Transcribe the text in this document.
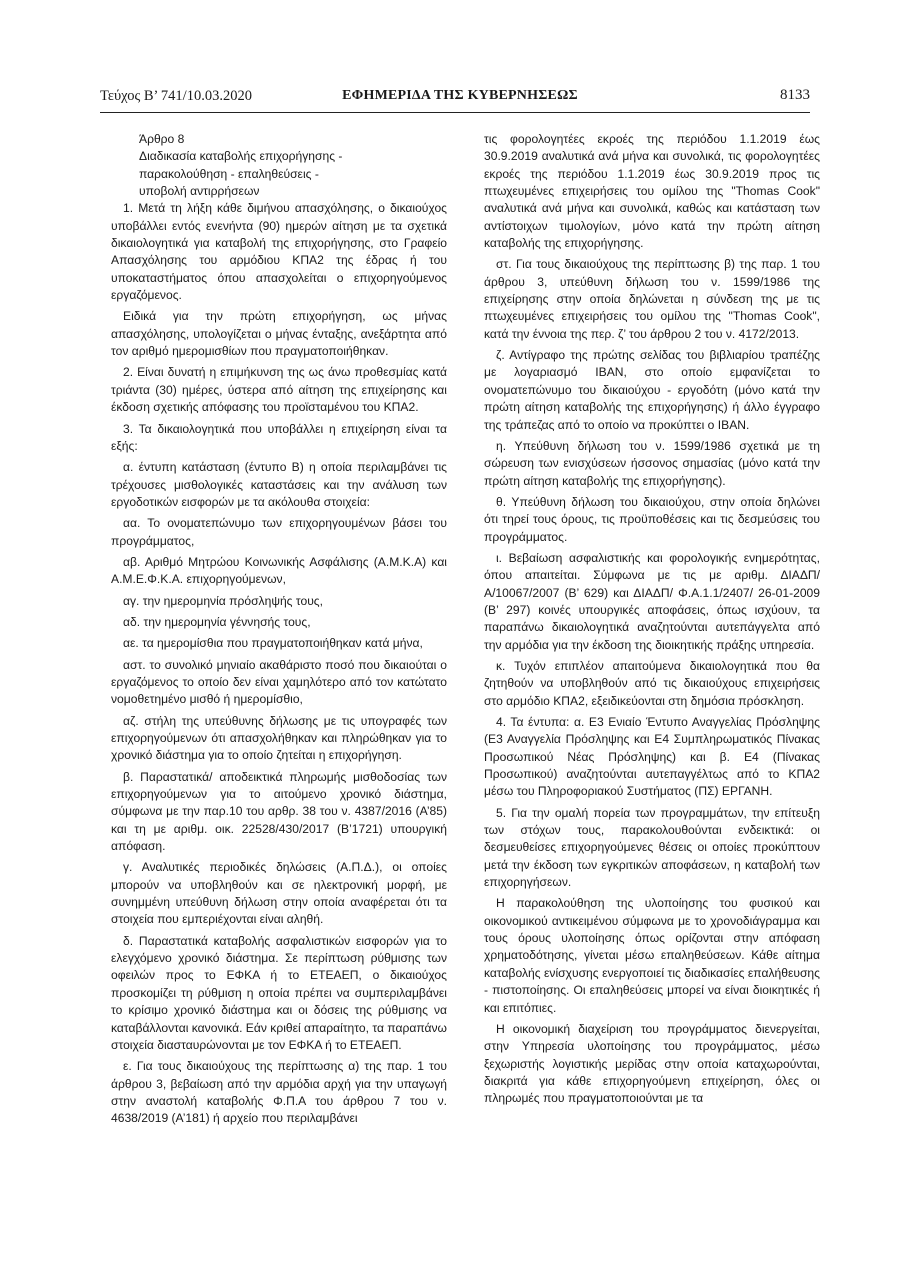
Τεύχος Β’ 741/10.03.2020	ΕΦΗΜΕΡΙΔΑ ΤΗΣ ΚΥΒΕΡΝΗΣΕΩΣ	8133
Άρθρο 8
Διαδικασία καταβολής επιχορήγησης -
παρακολούθηση - επαληθεύσεις -
υποβολή αντιρρήσεων

1. Μετά τη λήξη κάθε διμήνου απασχόλησης, ο δικαιούχος υποβάλλει εντός ενενήντα (90) ημερών αίτηση με τα σχετικά δικαιολογητικά για καταβολή της επιχορήγησης, στο Γραφείο Απασχόλησης του αρμόδιου ΚΠΑ2 της έδρας ή του υποκαταστήματος όπου απασχολείται ο επιχορηγούμενος εργαζόμενος.

Ειδικά για την πρώτη επιχορήγηση, ως μήνας απασχόλησης, υπολογίζεται ο μήνας ένταξης, ανεξάρτητα από τον αριθμό ημερομισθίων που πραγματοποιήθηκαν.

2. Είναι δυνατή η επιμήκυνση της ως άνω προθεσμίας κατά τριάντα (30) ημέρες, ύστερα από αίτηση της επιχείρησης και έκδοση σχετικής απόφασης του προϊσταμένου του ΚΠΑ2.

3. Τα δικαιολογητικά που υποβάλλει η επιχείρηση είναι τα εξής:

α. έντυπη κατάσταση (έντυπο Β) η οποία περιλαμβάνει τις τρέχουσες μισθολογικές καταστάσεις και την ανάλυση των εργοδοτικών εισφορών με τα ακόλουθα στοιχεία:

αα. Το ονοματεπώνυμο των επιχορηγουμένων βάσει του προγράμματος,

αβ. Αριθμό Μητρώου Κοινωνικής Ασφάλισης (Α.Μ.Κ.Α) και Α.Μ.Ε.Φ.Κ.Α. επιχορηγούμενων,

αγ. την ημερομηνία πρόσληψής τους,

αδ. την ημερομηνία γέννησής τους,

αε. τα ημερομίσθια που πραγματοποιήθηκαν κατά μήνα,

αστ. το συνολικό μηνιαίο ακαθάριστο ποσό που δικαιούται ο εργαζόμενος το οποίο δεν είναι χαμηλότερο από τον κατώτατο νομοθετημένο μισθό ή ημερομίσθιο,

αζ. στήλη της υπεύθυνης δήλωσης με τις υπογραφές των επιχορηγούμενων ότι απασχολήθηκαν και πληρώθηκαν για το χρονικό διάστημα για το οποίο ζητείται η επιχορήγηση.

β. Παραστατικά/ αποδεικτικά πληρωμής μισθοδοσίας των επιχορηγούμενων για το αιτούμενο χρονικό διάστημα, σύμφωνα με την παρ.10 του αρθρ. 38 του ν. 4387/2016 (Α’85) και τη με αριθμ. οικ. 22528/430/2017 (Β’1721) υπουργική απόφαση.

γ. Αναλυτικές περιοδικές δηλώσεις (Α.Π.Δ.), οι οποίες μπορούν να υποβληθούν και σε ηλεκτρονική μορφή, με συνημμένη υπεύθυνη δήλωση στην οποία αναφέρεται ότι τα στοιχεία που εμπεριέχονται είναι αληθή.

δ. Παραστατικά καταβολής ασφαλιστικών εισφορών για το ελεγχόμενο χρονικό διάστημα. Σε περίπτωση ρύθμισης των οφειλών προς το ΕΦΚΑ ή το ΕΤΕΑΕΠ, ο δικαιούχος προσκομίζει τη ρύθμιση η οποία πρέπει να συμπεριλαμβάνει το κρίσιμο χρονικό διάστημα και οι δόσεις της ρύθμισης να καταβάλλονται κανονικά. Εάν κριθεί απαραίτητο, τα παραπάνω στοιχεία διασταυρώνονται με τον ΕΦΚΑ ή το ΕΤΕΑΕΠ.

ε. Για τους δικαιούχους της περίπτωσης α) της παρ. 1 του άρθρου 3, βεβαίωση από την αρμόδια αρχή για την υπαγωγή στην αναστολή καταβολής Φ.Π.Α του άρθρου 7 του ν. 4638/2019 (Α’181) ή αρχείο που περιλαμβάνει

τις φορολογητέες εκροές της περιόδου 1.1.2019 έως 30.9.2019 αναλυτικά ανά μήνα και συνολικά, τις φορολογητέες εκροές της περιόδου 1.1.2019 έως 30.9.2019 προς τις πτωχευμένες επιχειρήσεις του ομίλου της "Thomas Cook" αναλυτικά ανά μήνα και συνολικά, καθώς και κατάσταση των αντίστοιχων τιμολογίων, μόνο κατά την πρώτη αίτηση καταβολής της επιχορήγησης.

στ. Για τους δικαιούχους της περίπτωσης β) της παρ. 1 του άρθρου 3, υπεύθυνη δήλωση του ν. 1599/1986 της επιχείρησης στην οποία δηλώνεται η σύνδεση της με τις πτωχευμένες επιχειρήσεις του ομίλου της "Thomas Cook", κατά την έννοια της περ. ζ’ του άρθρου 2 του ν. 4172/2013.

ζ. Αντίγραφο της πρώτης σελίδας του βιβλιαρίου τραπέζης με λογαριασμό IBAN, στο οποίο εμφανίζεται το ονοματεπώνυμο του δικαιούχου - εργοδότη (μόνο κατά την πρώτη αίτηση καταβολής της επιχορήγησης) ή άλλο έγγραφο της τράπεζας από το οποίο να προκύπτει ο IBAN.

η. Υπεύθυνη δήλωση του ν. 1599/1986 σχετικά με τη σώρευση των ενισχύσεων ήσσονος σημασίας (μόνο κατά την πρώτη αίτηση καταβολής της επιχορήγησης).

θ. Υπεύθυνη δήλωση του δικαιούχου, στην οποία δηλώνει ότι τηρεί τους όρους, τις προϋποθέσεις και τις δεσμεύσεις του προγράμματος.

ι. Βεβαίωση ασφαλιστικής και φορολογικής ενημερότητας, όπου απαιτείται. Σύμφωνα με τις με αριθμ. ΔΙΑΔΠ/Α/10067/2007 (Β’ 629) και ΔΙΑΔΠ/ Φ.Α.1.1/2407/ 26-01-2009 (Β’ 297) κοινές υπουργικές αποφάσεις, όπως ισχύουν, τα παραπάνω δικαιολογητικά αναζητούνται αυτεπάγγελτα από την αρμόδια για την έκδοση της διοικητικής πράξης υπηρεσία.

κ. Τυχόν επιπλέον απαιτούμενα δικαιολογητικά που θα ζητηθούν να υποβληθούν από τις δικαιούχους επιχειρήσεις στο αρμόδιο ΚΠΑ2, εξειδικεύονται στη δημόσια πρόσκληση.

4. Τα έντυπα: α. Ε3 Ενιαίο Έντυπο Αναγγελίας Πρόσληψης (Ε3 Αναγγελία Πρόσληψης και Ε4 Συμπληρωματικός Πίνακας Προσωπικού Νέας Πρόσληψης) και β. Ε4 (Πίνακας Προσωπικού) αναζητούνται αυτεπαγγέλτως από το ΚΠΑ2 μέσω του Πληροφοριακού Συστήματος (ΠΣ) ΕΡΓΑΝΗ.

5. Για την ομαλή πορεία των προγραμμάτων, την επίτευξη των στόχων τους, παρακολουθούνται ενδεικτικά: οι δεσμευθείσες επιχορηγούμενες θέσεις οι οποίες προκύπτουν μετά την έκδοση των εγκριτικών αποφάσεων, η καταβολή των επιχορηγήσεων.

Η παρακολούθηση της υλοποίησης του φυσικού και οικονομικού αντικειμένου σύμφωνα με το χρονοδιάγραμμα και τους όρους υλοποίησης όπως ορίζονται στην απόφαση χρηματοδότησης, γίνεται μέσω επαληθεύσεων. Κάθε αίτημα καταβολής ενίσχυσης ενεργοποιεί τις διαδικασίες επαλήθευσης - πιστοποίησης. Οι επαληθεύσεις μπορεί να είναι διοικητικές ή και επιτόπιες.

Η οικονομική διαχείριση του προγράμματος διενεργείται, στην Υπηρεσία υλοποίησης του προγράμματος, μέσω ξεχωριστής λογιστικής μερίδας στην οποία καταχωρούνται, διακριτά για κάθε επιχορηγούμενη επιχείρηση, όλες οι πληρωμές που πραγματοποιούνται με τα
